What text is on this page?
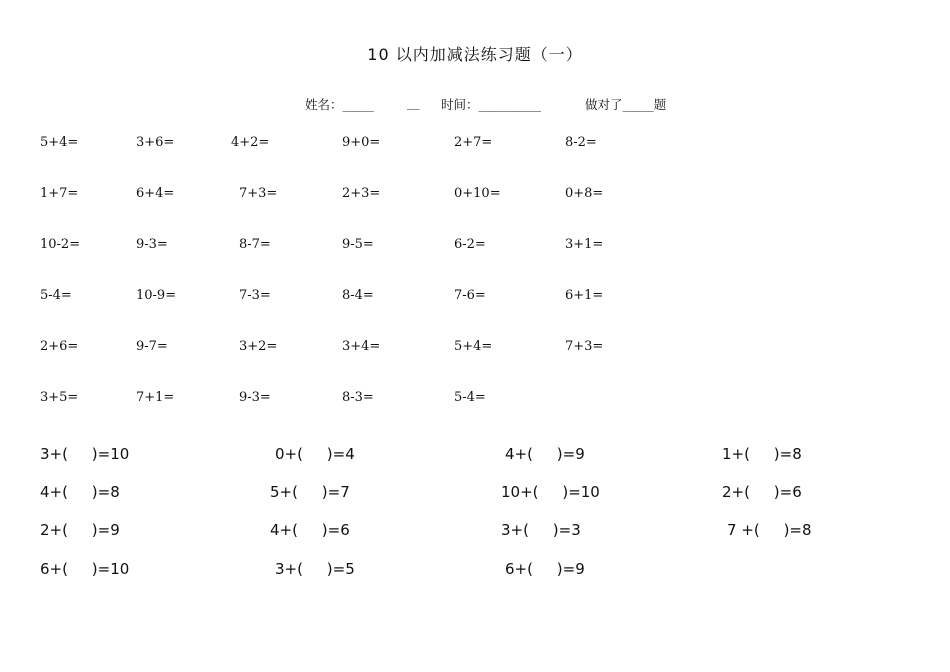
10 以内加减法练习题（一）
姓名：_____	__ 时间：__________	做对了_____题
5+4=	3+6=	4+2=	9+0=	2+7=	8-2=
1+7=	6+4=	7+3=	2+3=	0+10=	0+8=
10-2=	9-3=	8-7=	9-5=	6-2=	3+1=
5-4=	10-9=	7-3=	8-4=	7-6=	6+1=
2+6=	9-7=	3+2=	3+4=	5+4=	7+3=
3+5=	7+1=	9-3=	8-3=	5-4=
3+(     )=10	0+(     )=4	4+(     )=9	1+(     )=8
4+(     )=8	5+(     )=7	10+(     )=10	2+(     )=6
2+(     )=9	4+(     )=6	3+(     )=3	7 +(     )=8
6+(     )=10	3+(     )=5	6+(     )=9
